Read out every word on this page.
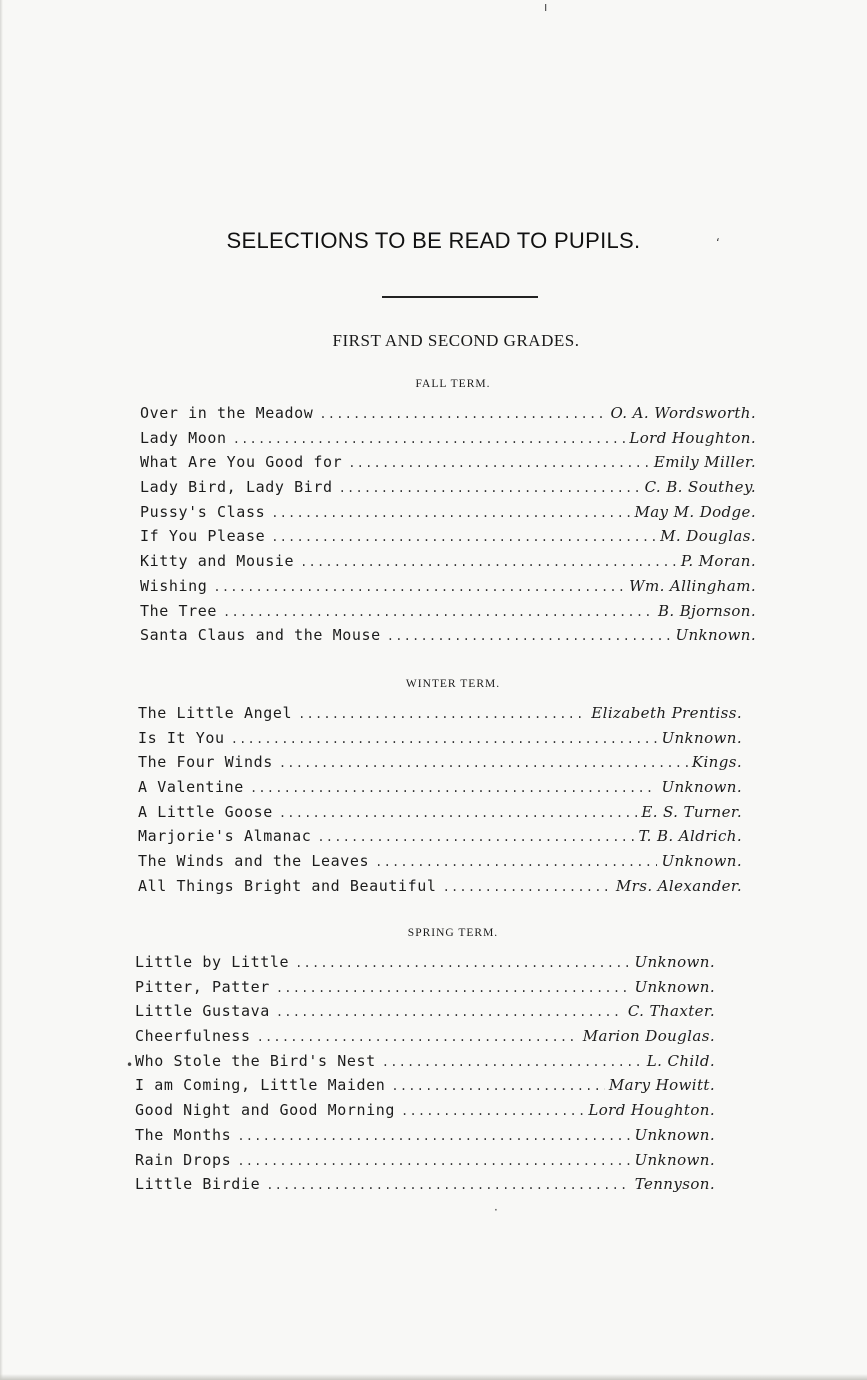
SELECTIONS TO BE READ TO PUPILS.
FIRST AND SECOND GRADES.
FALL TERM.
Over in the Meadow .....	O. A. Wordsworth.
Lady Moon .....	Lord Houghton.
What Are You Good for .....	Emily Miller.
Lady Bird, Lady Bird .....	C. B. Southey.
Pussy's Class .....	May M. Dodge.
If You Please .....	M. Douglas.
Kitty and Mousie .....	P. Moran.
Wishing .....	Wm. Allingham.
The Tree .....	B. Bjornson.
Santa Claus and the Mouse .....	Unknown.
WINTER TERM.
The Little Angel .....	Elizabeth Prentiss.
Is It You .....	Unknown.
The Four Winds .....	Kings.
A Valentine .....	Unknown.
A Little Goose .....	E. S. Turner.
Marjorie's Almanac .....	T. B. Aldrich.
The Winds and the Leaves .....	Unknown.
All Things Bright and Beautiful .....	Mrs. Alexander.
SPRING TERM.
Little by Little .....	Unknown.
Pitter, Patter .....	Unknown.
Little Gustava .....	C. Thaxter.
Cheerfulness .....	Marion Douglas.
Who Stole the Bird's Nest .....	L. Child.
I am Coming, Little Maiden .....	Mary Howitt.
Good Night and Good Morning .....	Lord Houghton.
The Months .....	Unknown.
Rain Drops .....	Unknown.
Little Birdie .....	Tennyson.
ı
ʻ
•
·
